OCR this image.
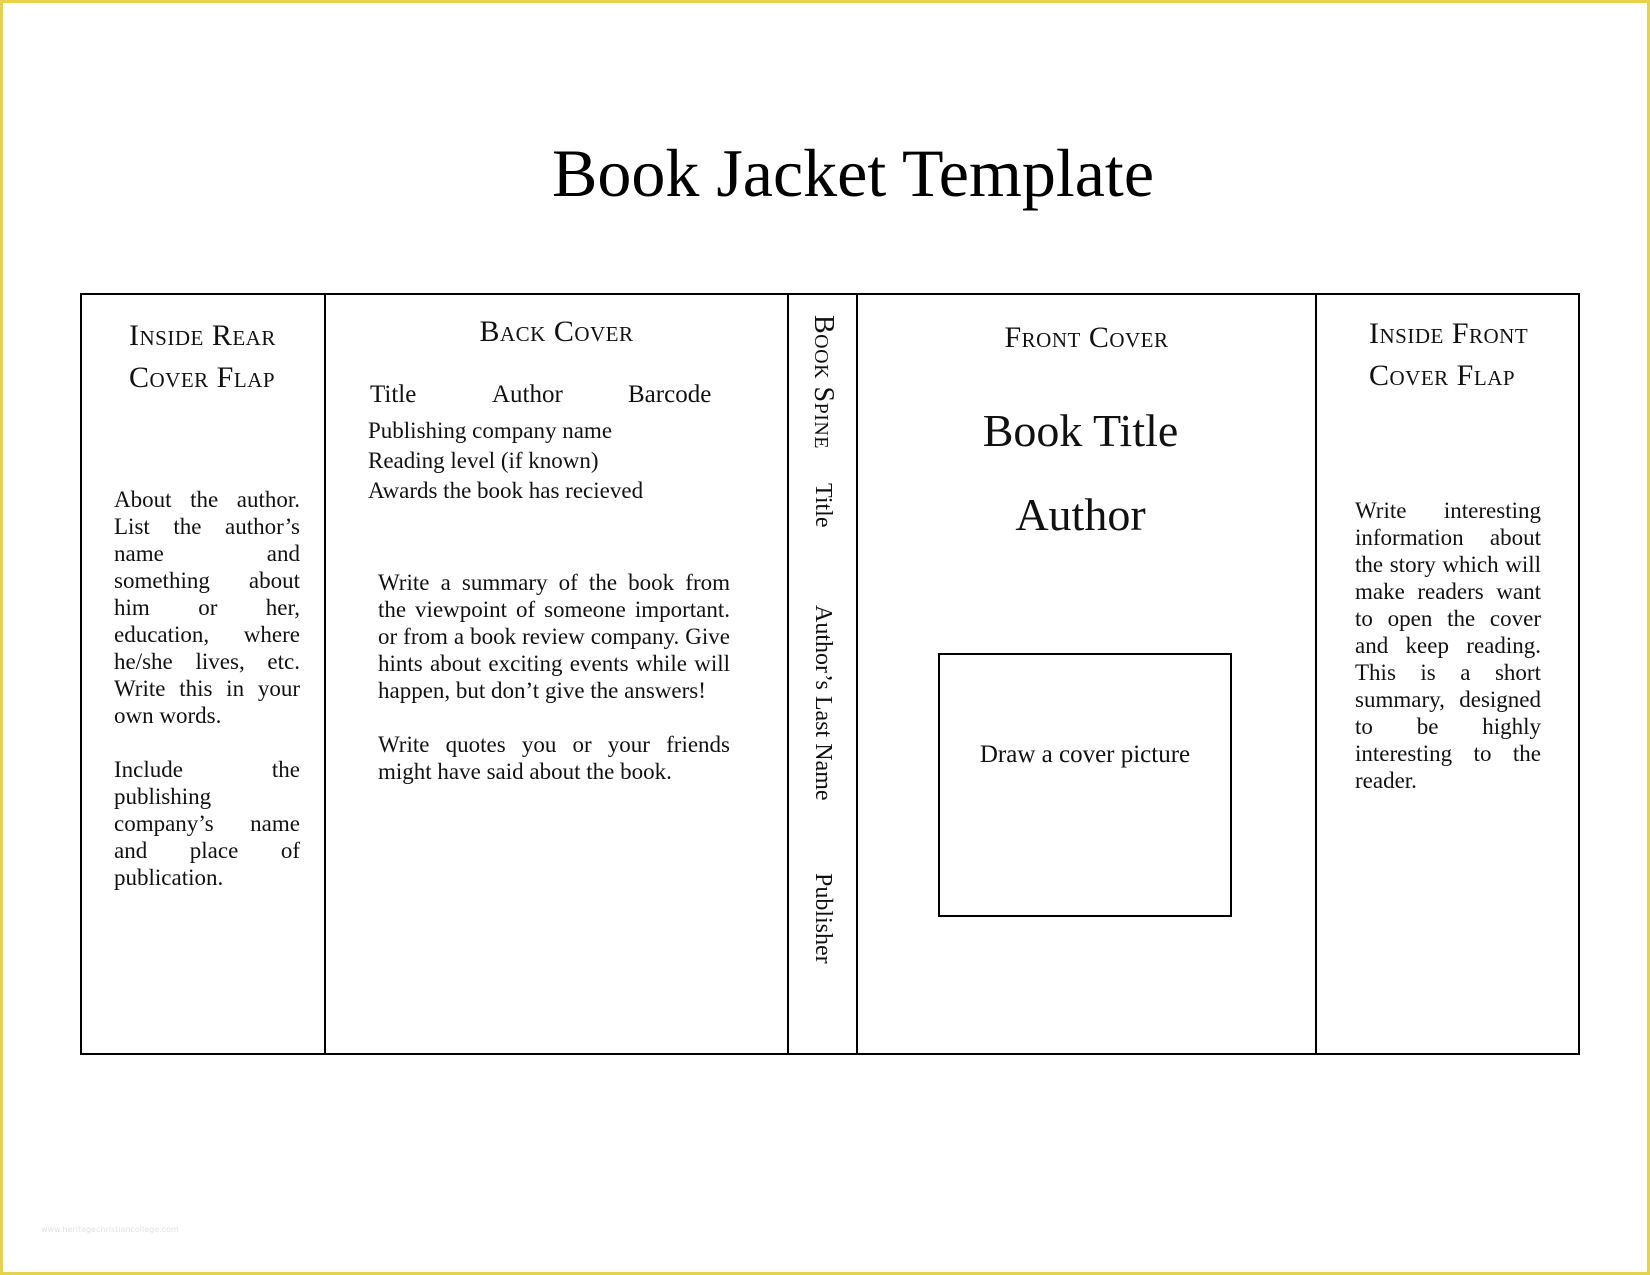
Book Jacket Template
Inside Rear
Cover Flap

About the author. List the author’s name and something about him or her, education, where he/she lives, etc. Write this in your own words.

Include the publishing company’s name and place of publication.

Back Cover
Title	Author	Barcode
Publishing company name
Reading level (if known)
Awards the book has recieved

Write a summary of the book from the viewpoint of someone important. or from a book review company. Give hints about exciting events while will happen, but don’t give the answers!

Write quotes you or your friends might have said about the book.

Book Spine
Title
Author’s Last Name
Publisher
Front Cover
Book Title
Author
Draw a cover picture
Inside Front
Cover Flap
Write interesting information about the story which will make readers want to open the cover and keep reading. This is a short summary, designed to be highly interesting to the reader.
www.heritagechristiancollege.com
